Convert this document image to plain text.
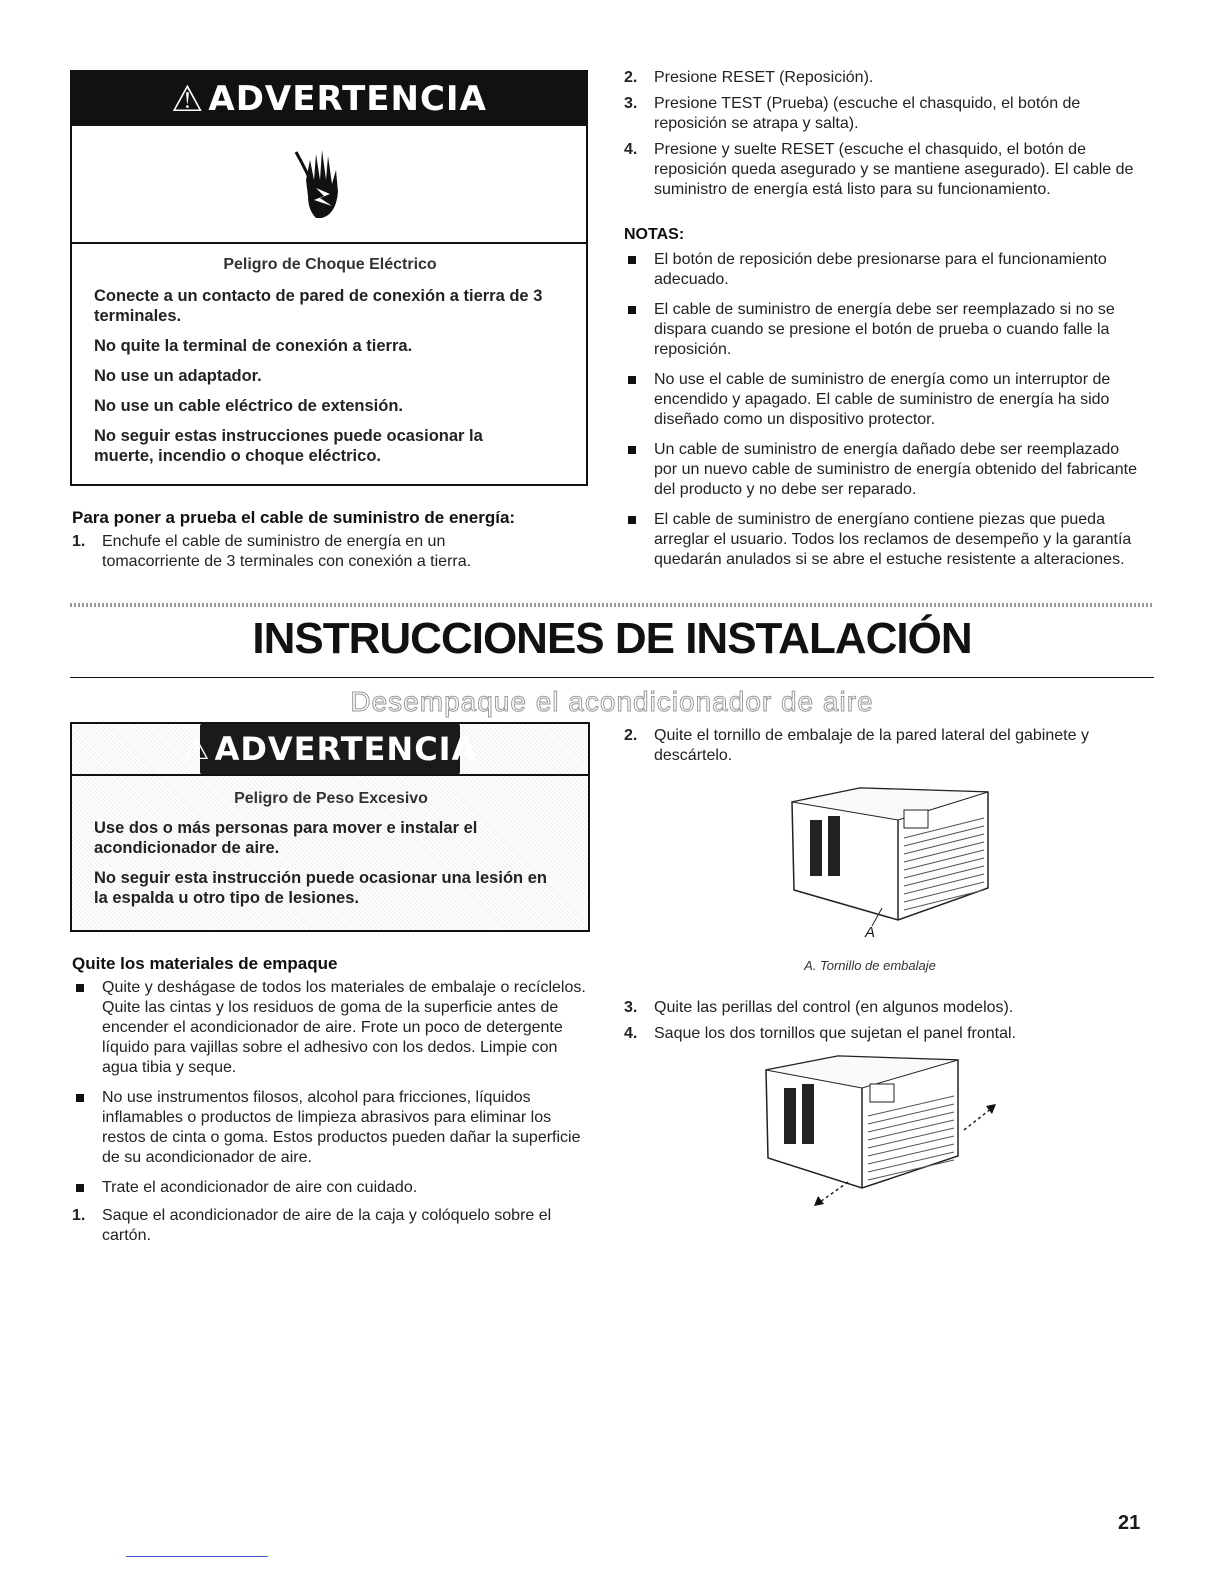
⚠ ADVERTENCIA
Peligro de Choque Eléctrico

Conecte a un contacto de pared de conexión a tierra de 3 terminales.

No quite la terminal de conexión a tierra.

No use un adaptador.

No use un cable eléctrico de extensión.

No seguir estas instrucciones puede ocasionar la muerte, incendio o choque eléctrico.

Para poner a prueba el cable de suministro de energía:
1. Enchufe el cable de suministro de energía en un tomacorriente de 3 terminales con conexión a tierra.
2. Presione RESET (Reposición).
3. Presione TEST (Prueba) (escuche el chasquido, el botón de reposición se atrapa y salta).
4. Presione y suelte RESET (escuche el chasquido, el botón de reposición queda asegurado y se mantiene asegurado). El cable de suministro de energía está listo para su funcionamiento.
NOTAS:
El botón de reposición debe presionarse para el funcionamiento adecuado.
El cable de suministro de energía debe ser reemplazado si no se dispara cuando se presione el botón de prueba o cuando falle la reposición.
No use el cable de suministro de energía como un interruptor de encendido y apagado. El cable de suministro de energía ha sido diseñado como un dispositivo protector.
Un cable de suministro de energía dañado debe ser reemplazado por un nuevo cable de suministro de energía obtenido del fabricante del producto y no debe ser reparado.
El cable de suministro de energíano contiene piezas que pueda arreglar el usuario. Todos los reclamos de desempeño y la garantía quedarán anulados si se abre el estuche resistente a alteraciones.
INSTRUCCIONES DE INSTALACIÓN
Desempaque el acondicionador de aire
⚠ ADVERTENCIA
Peligro de Peso Excesivo

Use dos o más personas para mover e instalar el acondicionador de aire.

No seguir esta instrucción puede ocasionar una lesión en la espalda u otro tipo de lesiones.

Quite los materiales de empaque
Quite y deshágase de todos los materiales de embalaje o recíclelos. Quite las cintas y los residuos de goma de la superficie antes de encender el acondicionador de aire. Frote un poco de detergente líquido para vajillas sobre el adhesivo con los dedos. Limpie con agua tibia y seque.
No use instrumentos filosos, alcohol para fricciones, líquidos inflamables o productos de limpieza abrasivos para eliminar los restos de cinta o goma. Estos productos pueden dañar la superficie de su acondicionador de aire.
Trate el acondicionador de aire con cuidado.
1. Saque el acondicionador de aire de la caja y colóquelo sobre el cartón.
2. Quite el tornillo de embalaje de la pared lateral del gabinete y descártelo.
A
A. Tornillo de embalaje
3. Quite las perillas del control (en algunos modelos).
4. Saque los dos tornillos que sujetan el panel frontal.
21
